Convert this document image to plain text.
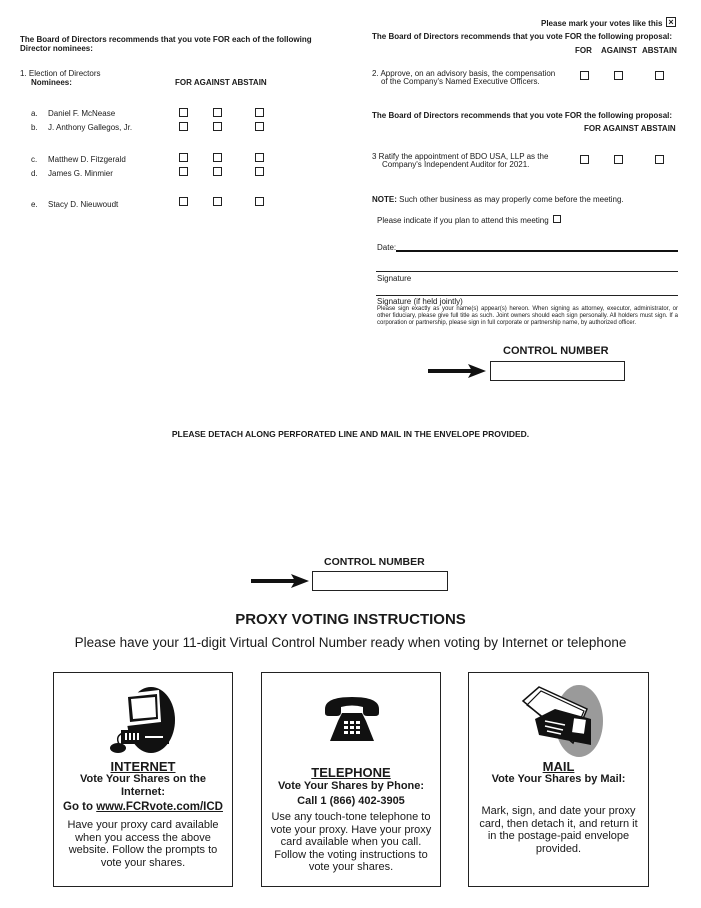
The Board of Directors recommends that you vote FOR each of the following Director nominees:
1. Election of Directors
Nominees:	FOR AGAINST ABSTAIN
a. Daniel F. McNease
b. J. Anthony Gallegos, Jr.
c. Matthew D. Fitzgerald
d. James G. Minmier
e. Stacy D. Nieuwoudt
Please mark your votes like this ×
The Board of Directors recommends that you vote FOR the following proposal:
FOR AGAINST ABSTAIN
2. Approve, on an advisory basis, the compensation
of the Company's Named Executive Officers.
The Board of Directors recommends that you vote FOR the following proposal:
FOR AGAINST ABSTAIN
3 Ratify the appointment of BDO USA, LLP as the
Company's Independent Auditor for 2021.
NOTE: Such other business as may properly come before the meeting.
Please indicate if you plan to attend this meeting
Date:
Signature
Signature (if held jointly)
Please sign exactly as your name(s) appear(s) hereon. When signing as attorney, executor, administrator, or other fiduciary, please give full title as such. Joint owners should each sign personally. All holders must sign. If a corporation or partnership, please sign in full corporate or partnership name, by authorized officer.
CONTROL NUMBER
PLEASE DETACH ALONG PERFORATED LINE AND MAIL IN THE ENVELOPE PROVIDED.
CONTROL NUMBER
PROXY VOTING INSTRUCTIONS
Please have your 11-digit Virtual Control Number ready when voting by Internet or telephone
INTERNET
Vote Your Shares on the Internet:
Go to www.FCRvote.com/ICD
Have your proxy card available when you access the above website. Follow the prompts to vote your shares.
TELEPHONE
Vote Your Shares by Phone:
Call 1 (866) 402-3905
Use any touch-tone telephone to vote your proxy. Have your proxy card available when you call. Follow the voting instructions to vote your shares.
MAIL
Vote Your Shares by Mail:
Mark, sign, and date your proxy card, then detach it, and return it in the postage-paid envelope provided.
